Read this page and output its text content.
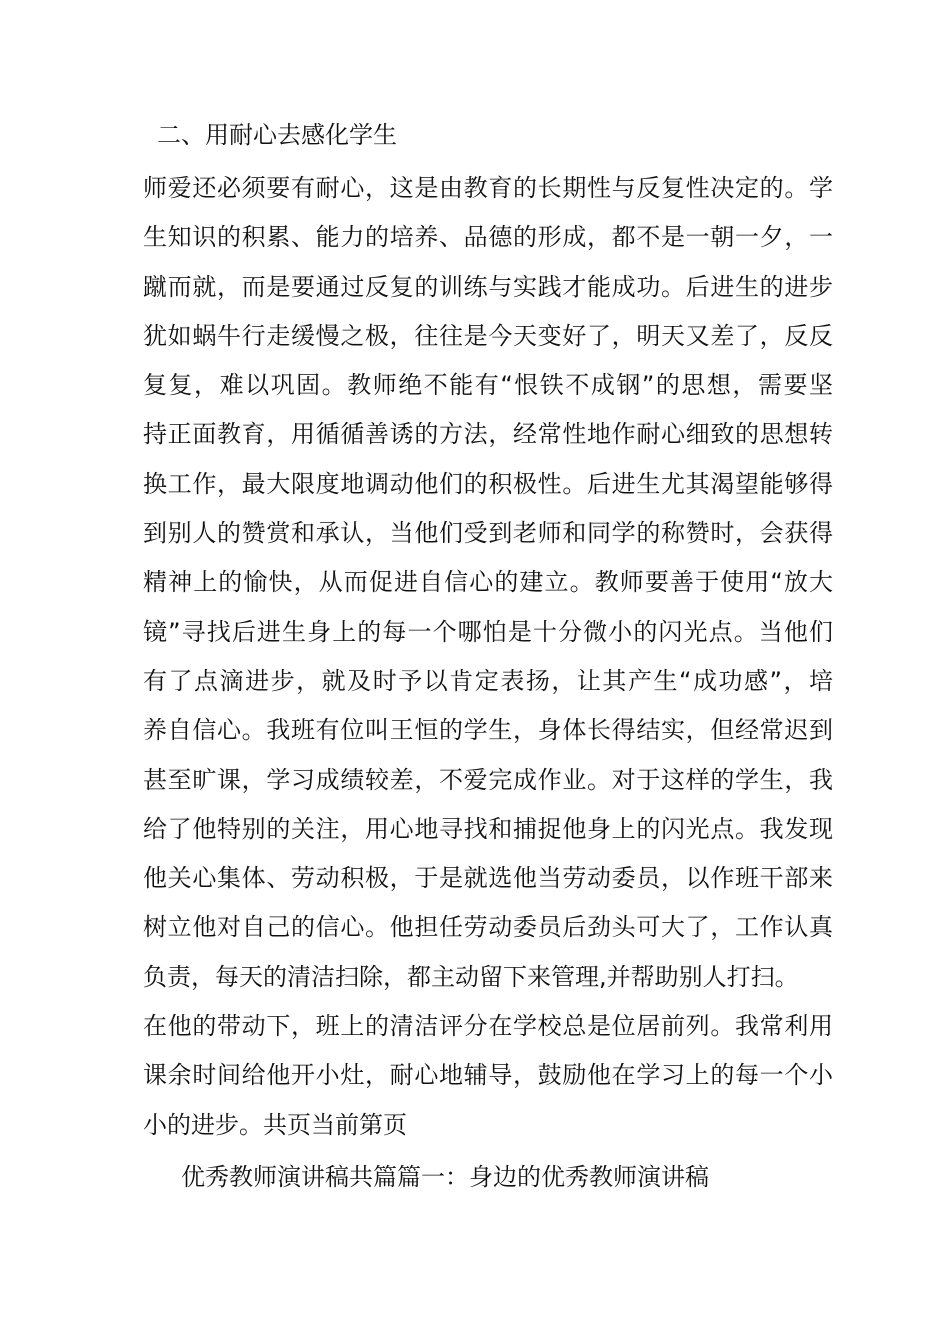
二、用耐心去感化学生
师爱还必须要有耐心，这是由教育的长期性与反复性决定的。学
生知识的积累、能力的培养、品德的形成，都不是一朝一夕，一
蹴而就，而是要通过反复的训练与实践才能成功。后进生的进步
犹如蜗牛行走缓慢之极，往往是今天变好了，明天又差了，反反
复复，难以巩固。教师绝不能有“恨铁不成钢”的思想，需要坚
持正面教育，用循循善诱的方法，经常性地作耐心细致的思想转
换工作，最大限度地调动他们的积极性。后进生尤其渴望能够得
到别人的赞赏和承认，当他们受到老师和同学的称赞时，会获得
精神上的愉快，从而促进自信心的建立。教师要善于使用“放大
镜”寻找后进生身上的每一个哪怕是十分微小的闪光点。当他们
有了点滴进步，就及时予以肯定表扬，让其产生“成功感”，培
养自信心。我班有位叫王恒的学生，身体长得结实，但经常迟到
甚至旷课，学习成绩较差，不爱完成作业。对于这样的学生，我
给了他特别的关注，用心地寻找和捕捉他身上的闪光点。我发现
他关心集体、劳动积极，于是就选他当劳动委员，以作班干部来
树立他对自己的信心。他担任劳动委员后劲头可大了，工作认真
负责，每天的清洁扫除，都主动留下来管理,并帮助别人打扫。
在他的带动下，班上的清洁评分在学校总是位居前列。我常利用
课余时间给他开小灶，耐心地辅导，鼓励他在学习上的每一个小
小的进步。共页当前第页
优秀教师演讲稿共篇篇一：身边的优秀教师演讲稿
